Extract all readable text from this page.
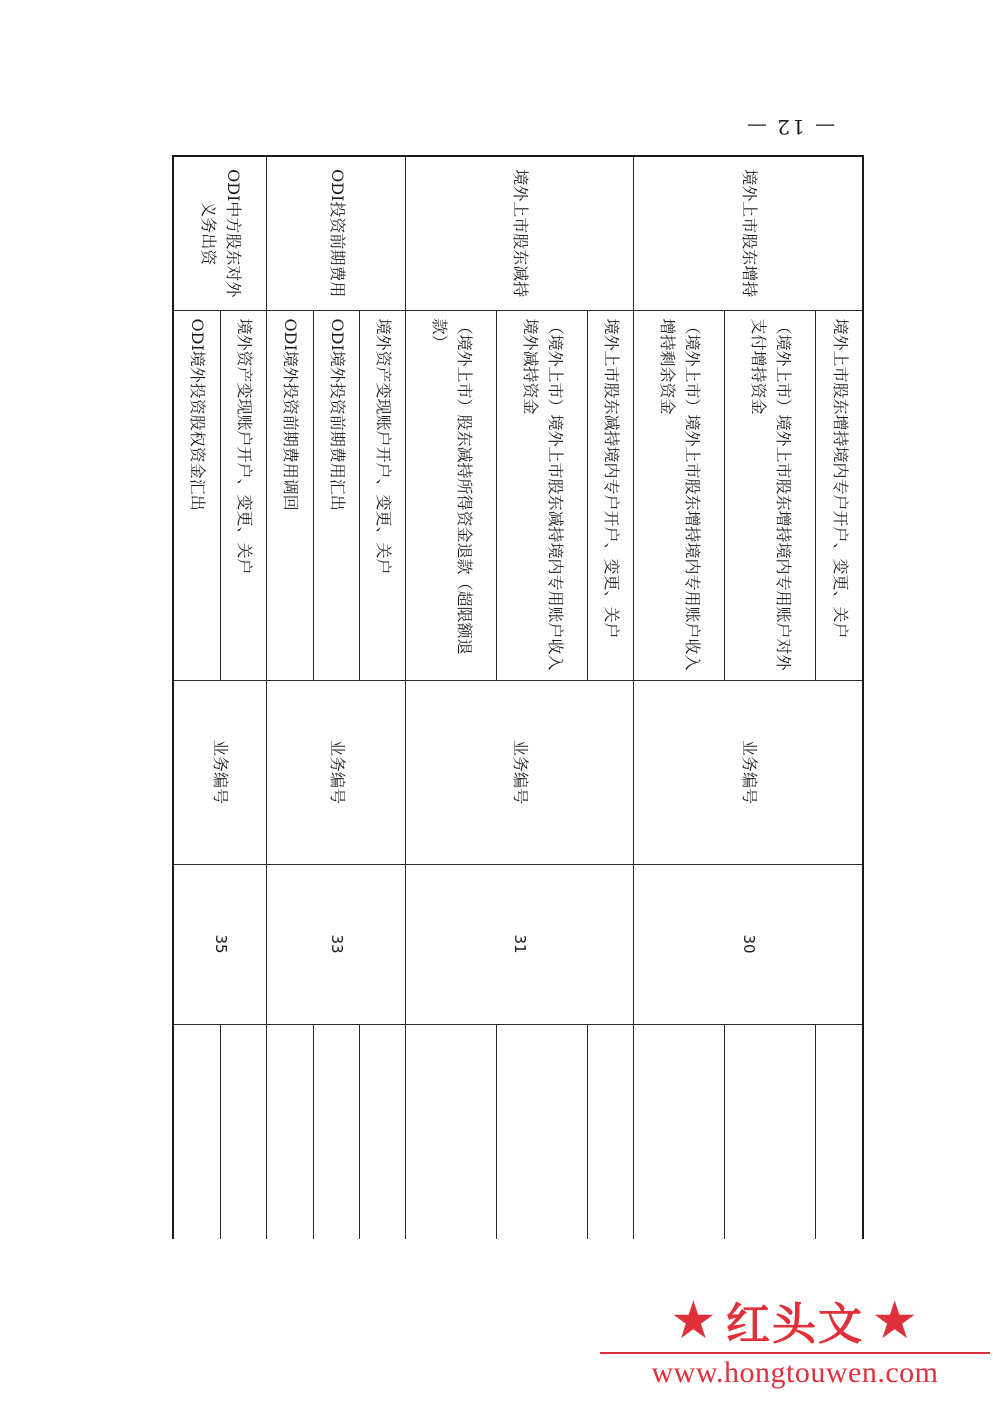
— 12 —
境外上市股东增持	境外上市股东增持境内专户开户、变更、关户	业务编号	30	
	（境外上市）境外上市股东增持境内专用账户对外支付增持资金			
	（境外上市）境外上市股东增持境内专用账户收入增持剩余资金			
境外上市股东减持	境外上市股东减持境内专户开户、变更、关户	业务编号	31	
	（境外上市）境外上市股东减持境内专用账户收入境外减持资金			
	（境外上市）股东减持所得资金退款（超限额退款）			
ODI投资前期费用	境外资产变现账户开户、变更、关户	业务编号	33	
	ODI境外投资前期费用汇出			
	ODI境外投资前期费用调回			
ODI中方股东对外义务出资	境外资产变现账户开户、变更、关户	业务编号	35	
	ODI境外投资股权资金汇出			
★ 红头文 ★
www.hongtouwen.com
